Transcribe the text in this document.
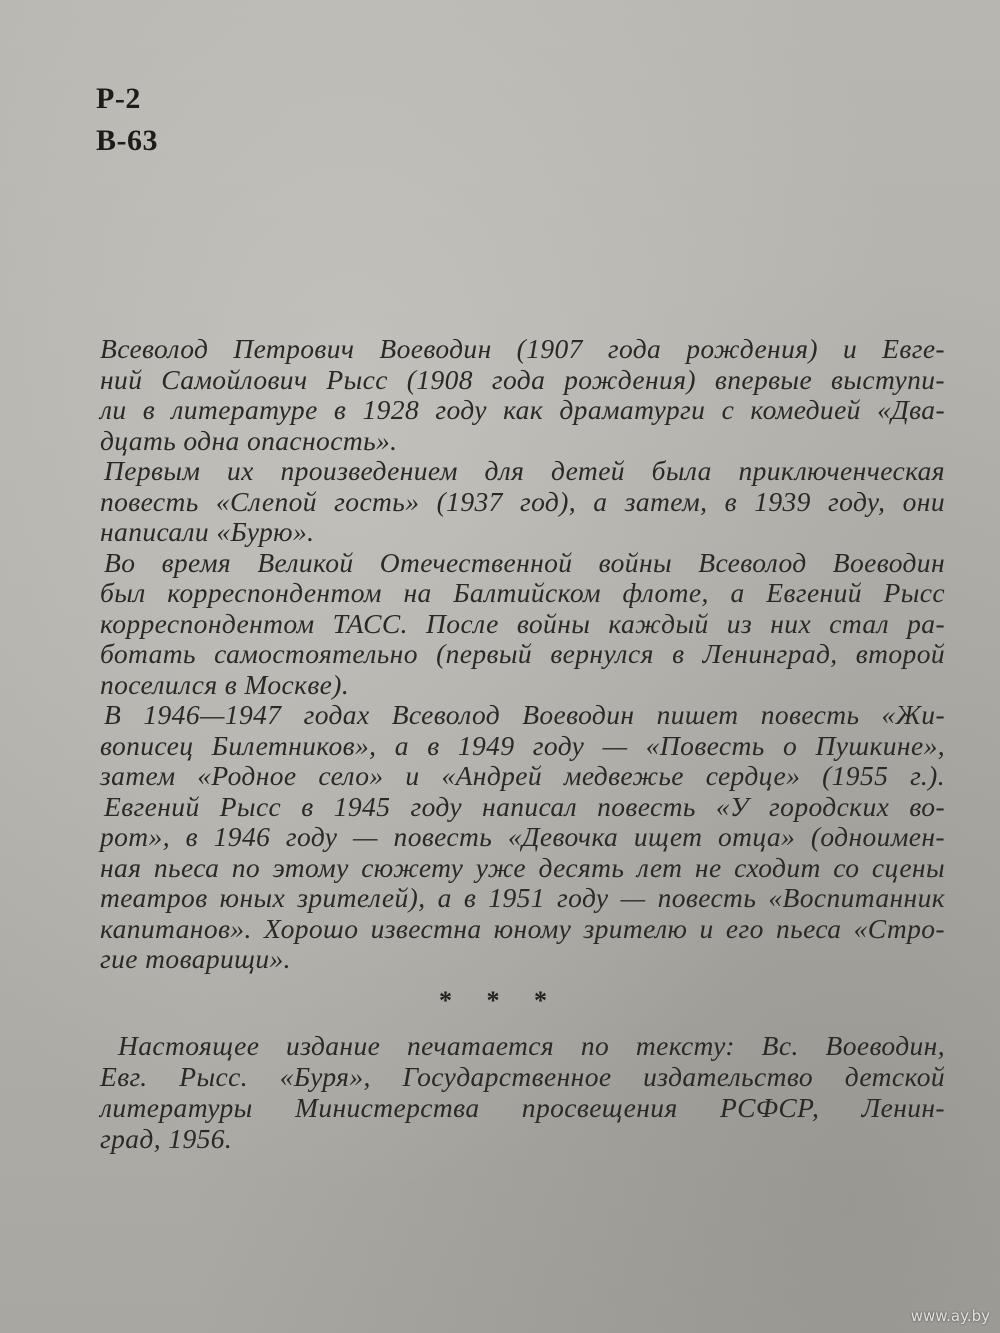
Р-2
В-63
Всеволод Петрович Воеводин (1907 года рождения) и Евге-
ний Самойлович Рысс (1908 года рождения) впервые выступи-
ли в литературе в 1928 году как драматурги с комедией «Два-
дцать одна опасность».
Первым их произведением для детей была приключенческая
повесть «Слепой гость» (1937 год), а затем, в 1939 году, они
написали «Бурю».
Во время Великой Отечественной войны Всеволод Воеводин
был корреспондентом на Балтийском флоте, а Евгений Рысс
корреспондентом ТАСС. После войны каждый из них стал ра-
ботать самостоятельно (первый вернулся в Ленинград, второй
поселился в Москве).
В 1946—1947 годах Всеволод Воеводин пишет повесть «Жи-
вописец Билетников», а в 1949 году — «Повесть о Пушкине»,
затем «Родное село» и «Андрей медвежье сердце» (1955 г.).
Евгений Рысс в 1945 году написал повесть «У городских во-
рот», в 1946 году — повесть «Девочка ищет отца» (одноимен-
ная пьеса по этому сюжету уже десять лет не сходит со сцены
театров юных зрителей), а в 1951 году — повесть «Воспитанник
капитанов». Хорошо известна юному зрителю и его пьеса «Стро-
гие товарищи».
* * *
Настоящее издание печатается по тексту: Вс. Воеводин,
Евг. Рысс. «Буря», Государственное издательство детской
литературы Министерства просвещения РСФСР, Ленин-
град, 1956.
www.ay.by
